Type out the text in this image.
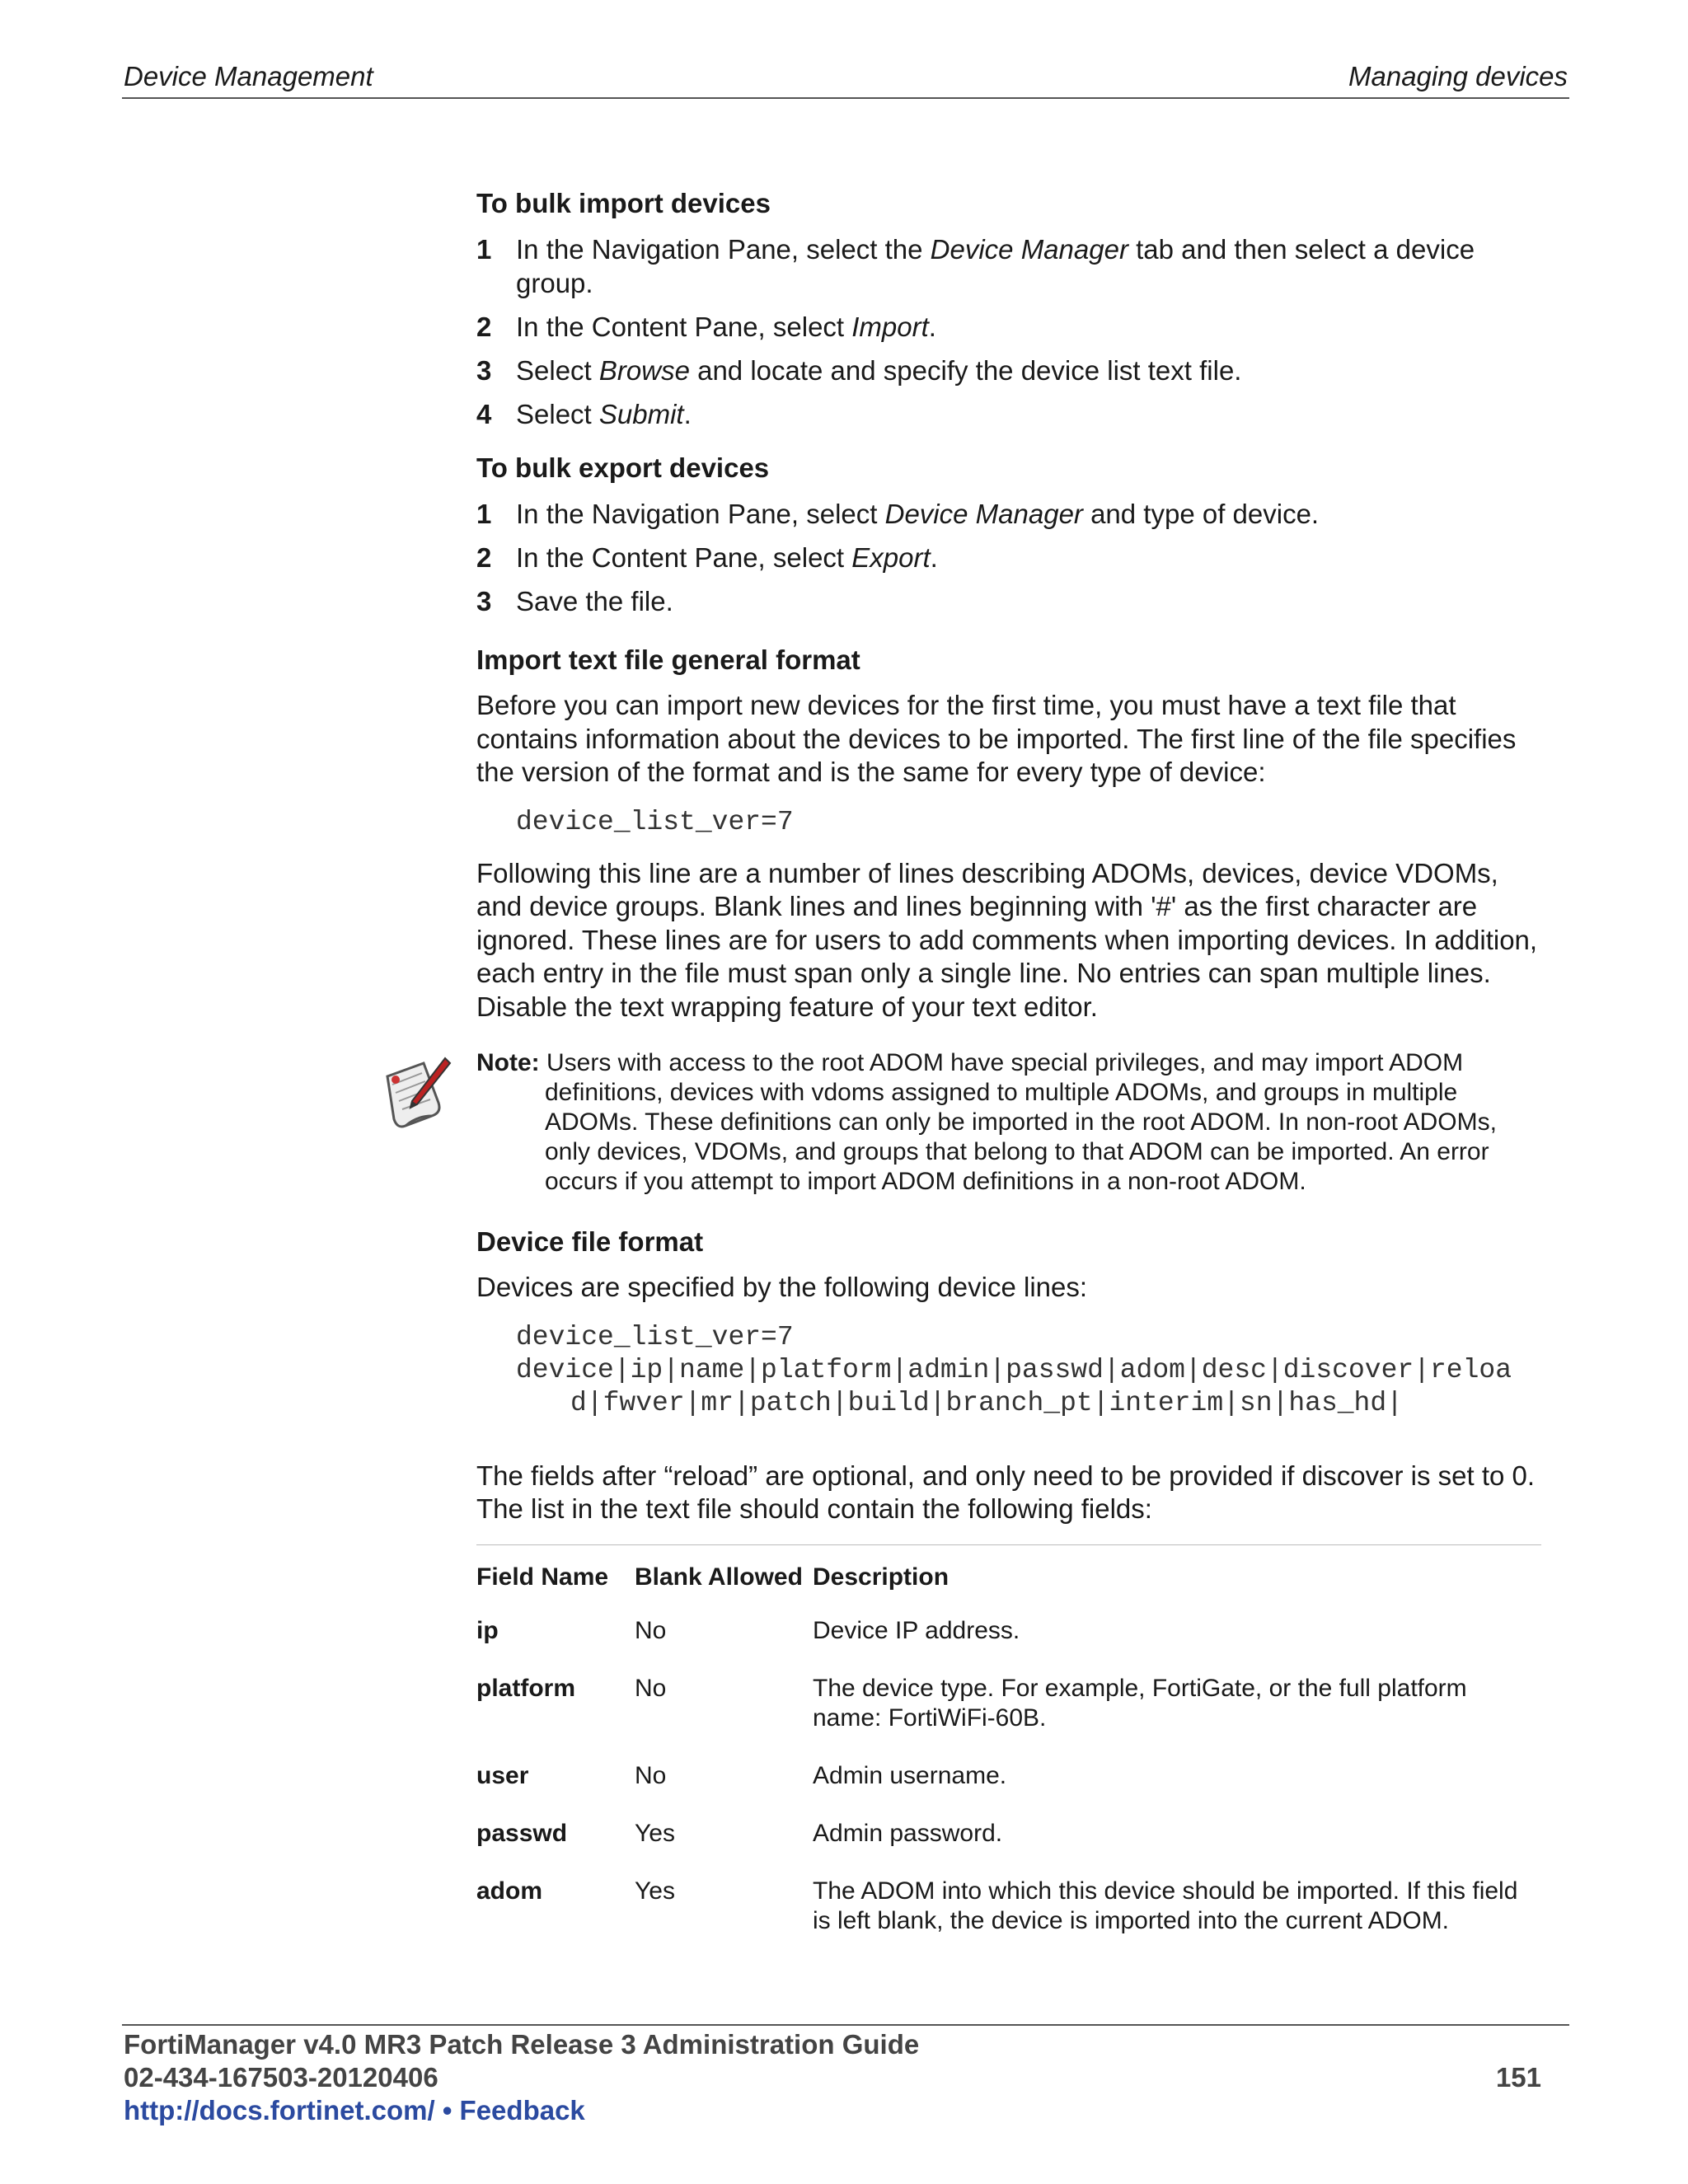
Device Management	Managing devices
To bulk import devices
1 In the Navigation Pane, select the Device Manager tab and then select a device group.
2 In the Content Pane, select Import.
3 Select Browse and locate and specify the device list text file.
4 Select Submit.
To bulk export devices
1 In the Navigation Pane, select Device Manager and type of device.
2 In the Content Pane, select Export.
3 Save the file.
Import text file general format

Before you can import new devices for the first time, you must have a text file that contains information about the devices to be imported. The first line of the file specifies the version of the format and is the same for every type of device:

device_list_ver=7

Following this line are a number of lines describing ADOMs, devices, device VDOMs, and device groups. Blank lines and lines beginning with '#' as the first character are ignored. These lines are for users to add comments when importing devices. In addition, each entry in the file must span only a single line. No entries can span multiple lines. Disable the text wrapping feature of your text editor.

Note: Users with access to the root ADOM have special privileges, and may import ADOM definitions, devices with vdoms assigned to multiple ADOMs, and groups in multiple ADOMs. These definitions can only be imported in the root ADOM. In non-root ADOMs, only devices, VDOMs, and groups that belong to that ADOM can be imported. An error occurs if you attempt to import ADOM definitions in a non-root ADOM.
Device file format

Devices are specified by the following device lines:

device_list_ver=7
device|ip|name|platform|admin|passwd|adom|desc|discover|reloa
d|fwver|mr|patch|build|branch_pt|interim|sn|has_hd|

The fields after “reload” are optional, and only need to be provided if discover is set to 0. The list in the text file should contain the following fields:

Field Name	Blank Allowed	Description
ip	No	Device IP address.
platform	No	The device type. For example, FortiGate, or the full platform name: FortiWiFi-60B.
user	No	Admin username.
passwd	Yes	Admin password.
adom	Yes	The ADOM into which this device should be imported. If this field is left blank, the device is imported into the current ADOM.
FortiManager v4.0 MR3 Patch Release 3 Administration Guide
02-434-167503-20120406
http://docs.fortinet.com/ • Feedback
151
